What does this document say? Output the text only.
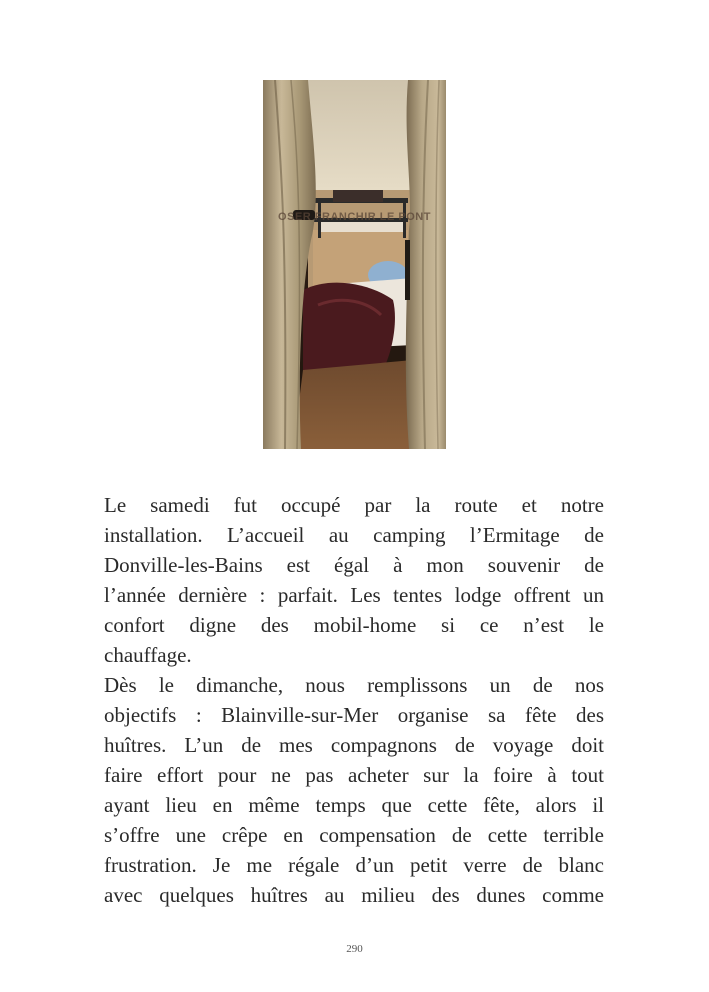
OSER FRANCHIR LE PONT
Le samedi fut occupé par la route et notre
installation. L’accueil au camping l’Ermitage de
Donville-les-Bains est égal à mon souvenir de
l’année dernière : parfait. Les tentes lodge offrent un
confort digne des mobil-home si ce n’est le
chauffage.
Dès le dimanche, nous remplissons un de nos
objectifs : Blainville-sur-Mer organise sa fête des
huîtres. L’un de mes compagnons de voyage doit
faire effort pour ne pas acheter sur la foire à tout
ayant lieu en même temps que cette fête, alors il
s’offre une crêpe en compensation de cette terrible
frustration. Je me régale d’un petit verre de blanc
avec quelques huîtres au milieu des dunes comme
290
